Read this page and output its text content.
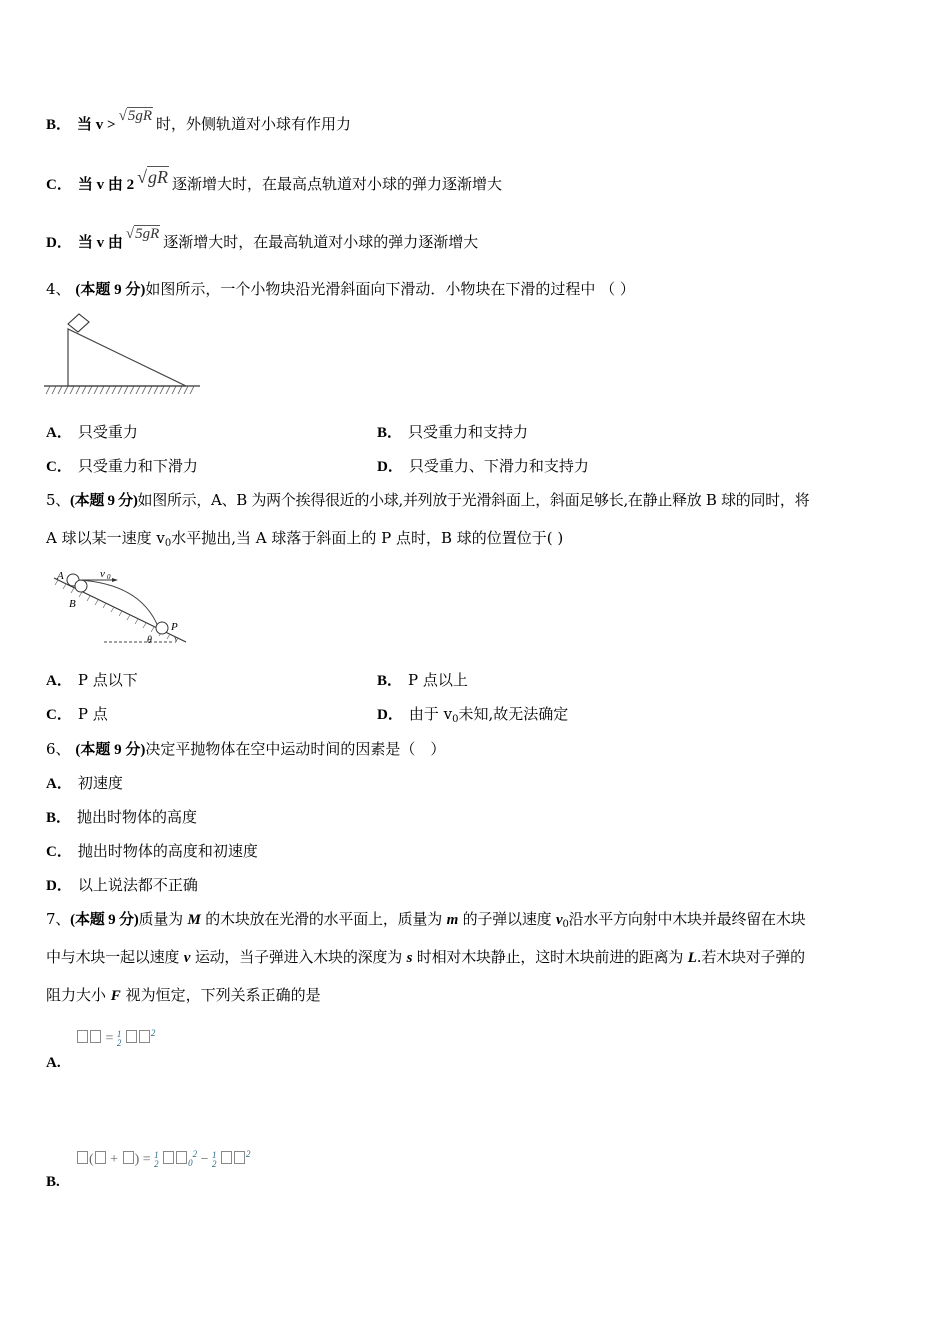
B． 当 v >√5gR 时，外侧轨道对小球有作用力
C． 当 v 由 2 √gR 逐渐增大时，在最高点轨道对小球的弹力逐渐增大
D． 当 v 由√5gR 逐渐增大时，在最高轨道对小球的弹力逐渐增大
4、 (本题 9 分)如图所示，一个小物块沿光滑斜面向下滑动．小物块在下滑的过程中 （ ）
A． 只受重力	B． 只受重力和支持力
C． 只受重力和下滑力	D． 只受重力、下滑力和支持力
5、(本题 9 分)如图所示，A、B 为两个挨得很近的小球,并列放于光滑斜面上，斜面足够长,在静止释放 B 球的同时，将
A 球以某一速度 $v_0$水平抛出,当 A 球落于斜面上的 P 点时，B 球的位置位于( )
A
B
v 0
P
θ
A． P 点以下	B． P 点以上
C． P 点	D． 由于 $v_0$未知,故无法确定
6、 (本题 9 分)决定平抛物体在空中运动时间的因素是（　）
A． 初速度
B． 抛出时物体的高度
C． 抛出时物体的高度和初速度
D． 以上说法都不正确
7、(本题 9 分)质量为 M 的木块放在光滑的水平面上，质量为 m 的子弹以速度 $v_0$沿水平方向射中木块并最终留在木块
中与木块一起以速度 v 运动，当子弹进入木块的深度为 s 时相对木块静止，这时木块前进的距离为 L.若木块对子弹的
阻力大小 F 视为恒定，下列关系正确的是
= 1
2 $^2$
A.
( + ) = 1
2	$_0^2$ − 1
2 $^2$
B.
